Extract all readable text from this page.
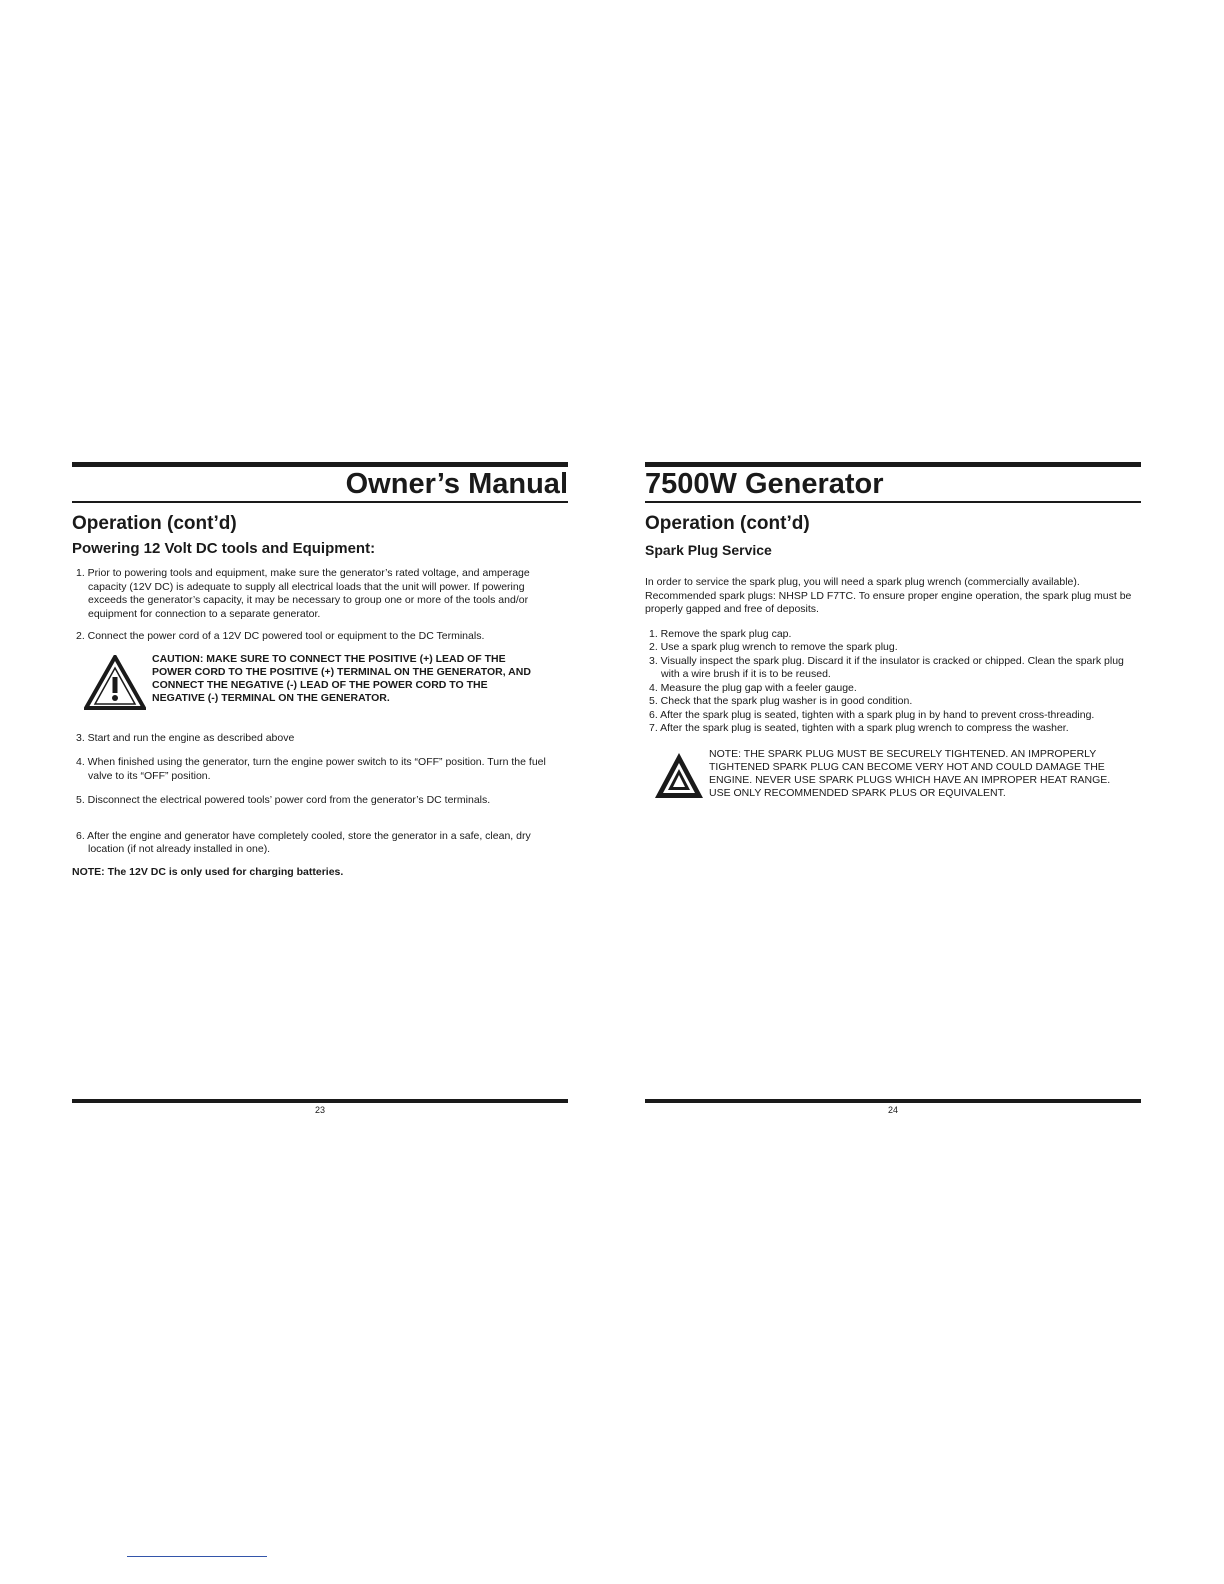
Owner’s Manual
Operation (cont’d)
Powering 12 Volt DC tools and Equipment:
1. Prior to powering tools and equipment, make sure the generator’s rated voltage, and amperage capacity (12V DC) is adequate to supply all electrical loads that the unit will power. If powering exceeds the generator’s capacity, it may be necessary to group one or more of the tools and/or equipment for connection to a separate generator.
2. Connect the power cord of a 12V DC powered tool or equipment to the DC Terminals.
CAUTION: MAKE SURE TO CONNECT THE POSITIVE (+) LEAD OF THE POWER CORD TO THE POSITIVE (+) TERMINAL ON THE GENERATOR, AND CONNECT THE NEGATIVE (-) LEAD OF THE POWER CORD TO THE NEGATIVE (-) TERMINAL ON THE GENERATOR.
3. Start and run the engine as described above
4. When finished using the generator, turn the engine power switch to its “OFF” position. Turn the fuel valve to its “OFF” position.
5. Disconnect the electrical powered tools’ power cord from the generator’s DC terminals.
6. After the engine and generator have completely cooled, store the generator in a safe, clean, dry location (if not already installed in one).

NOTE: The 12V DC is only used for charging batteries.

23
7500W Generator
Operation (cont’d)
Spark Plug Service

In order to service the spark plug, you will need a spark plug wrench (commercially available). Recommended spark plugs: NHSP LD F7TC. To ensure proper engine operation, the spark plug must be properly gapped and free of deposits.

1. Remove the spark plug cap.
2. Use a spark plug wrench to remove the spark plug.
3. Visually inspect the spark plug. Discard it if the insulator is cracked or chipped. Clean the spark plug with a wire brush if it is to be reused.
4. Measure the plug gap with a feeler gauge.
5. Check that the spark plug washer is in good condition.
6. After the spark plug is seated, tighten with a spark plug in by hand to prevent cross-threading.
7. After the spark plug is seated, tighten with a spark plug wrench to compress the washer.
NOTE: THE SPARK PLUG MUST BE SECURELY TIGHTENED. AN IMPROPERLY TIGHTENED SPARK PLUG CAN BECOME VERY HOT AND COULD DAMAGE THE ENGINE. NEVER USE SPARK PLUGS WHICH HAVE AN IMPROPER HEAT RANGE. USE ONLY RECOMMENDED SPARK PLUS OR EQUIVALENT.
24
